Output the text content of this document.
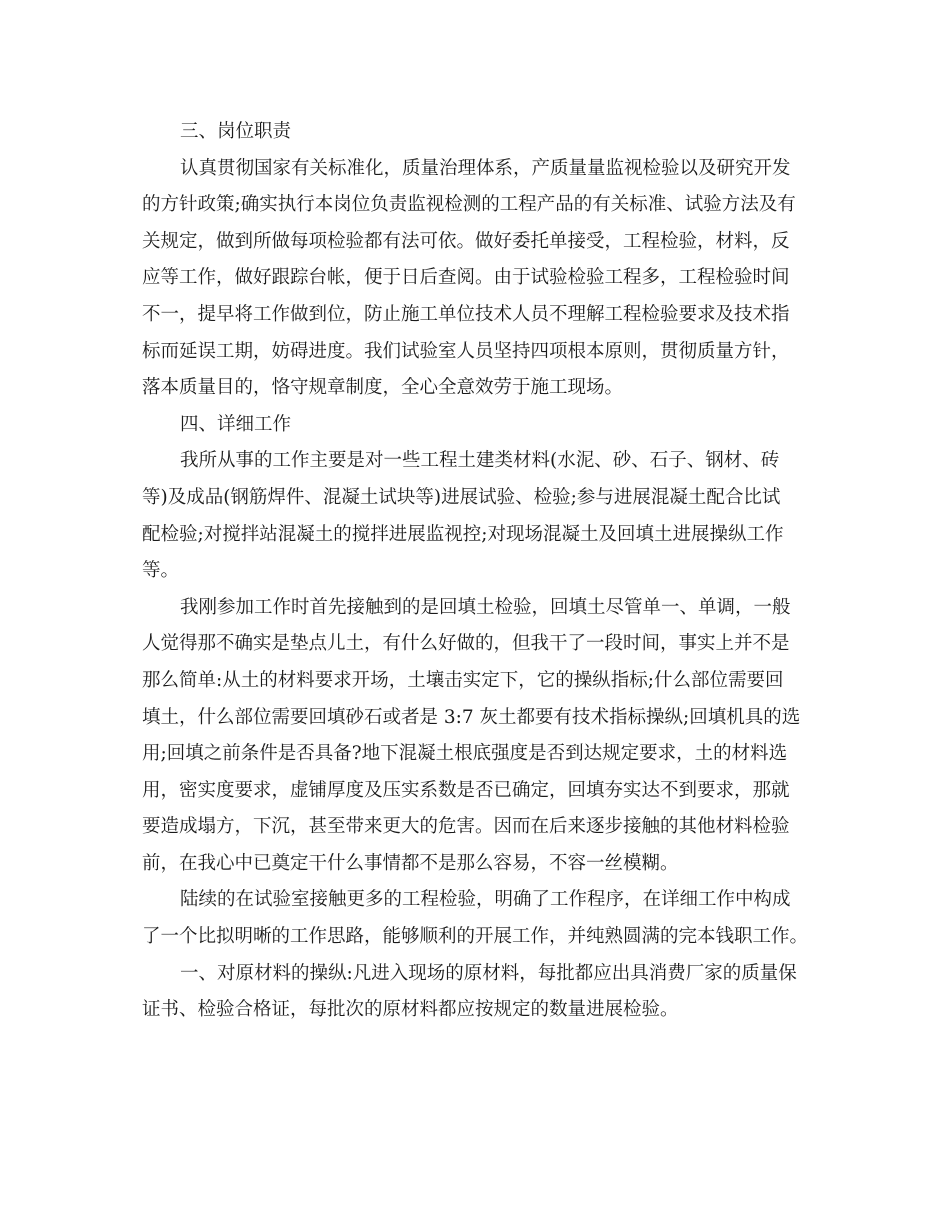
三、岗位职责
认真贯彻国家有关标准化，质量治理体系，产质量量监视检验以及研究开发
的方针政策;确实执行本岗位负责监视检测的工程产品的有关标准、试验方法及有
关规定，做到所做每项检验都有法可依。做好委托单接受，工程检验，材料，反
应等工作，做好跟踪台帐，便于日后查阅。由于试验检验工程多，工程检验时间
不一，提早将工作做到位，防止施工单位技术人员不理解工程检验要求及技术指
标而延误工期，妨碍进度。我们试验室人员坚持四项根本原则，贯彻质量方针，
落本质量目的，恪守规章制度，全心全意效劳于施工现场。
四、详细工作
我所从事的工作主要是对一些工程土建类材料(水泥、砂、石子、钢材、砖
等)及成品(钢筋焊件、混凝土试块等)进展试验、检验;参与进展混凝土配合比试
配检验;对搅拌站混凝土的搅拌进展监视控;对现场混凝土及回填土进展操纵工作
等。
我刚参加工作时首先接触到的是回填土检验，回填土尽管单一、单调，一般
人觉得那不确实是垫点儿土，有什么好做的，但我干了一段时间，事实上并不是
那么简单:从土的材料要求开场，土壤击实定下，它的操纵指标;什么部位需要回
填土，什么部位需要回填砂石或者是 3:7 灰土都要有技术指标操纵;回填机具的选
用;回填之前条件是否具备?地下混凝土根底强度是否到达规定要求，土的材料选
用，密实度要求，虚铺厚度及压实系数是否已确定，回填夯实达不到要求，那就
要造成塌方，下沉，甚至带来更大的危害。因而在后来逐步接触的其他材料检验
前，在我心中已奠定干什么事情都不是那么容易，不容一丝模糊。
陆续的在试验室接触更多的工程检验，明确了工作程序，在详细工作中构成
了一个比拟明晰的工作思路，能够顺利的开展工作，并纯熟圆满的完本钱职工作。
一、对原材料的操纵:凡进入现场的原材料，每批都应出具消费厂家的质量保
证书、检验合格证，每批次的原材料都应按规定的数量进展检验。
